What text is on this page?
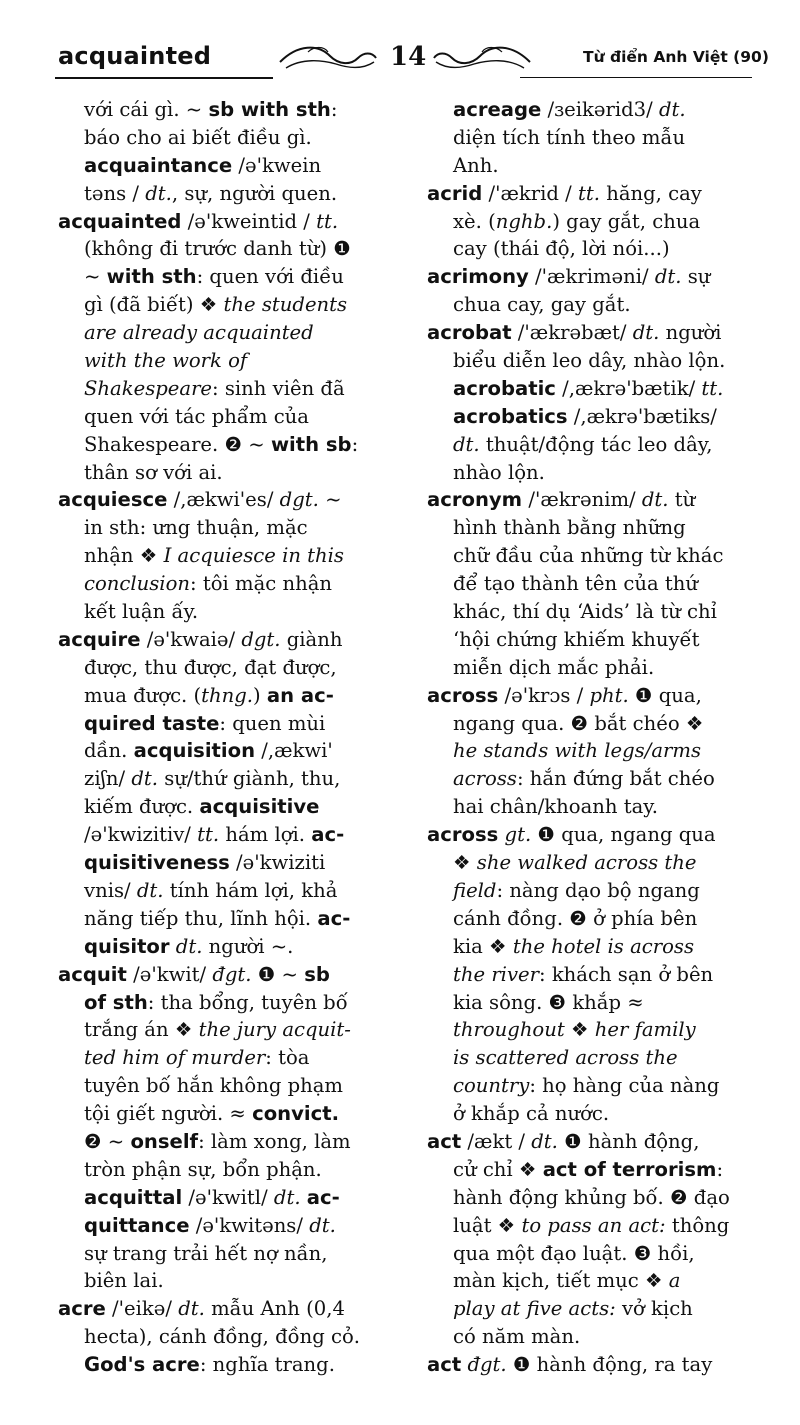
acquainted	14	Từ điển Anh Việt (90)
với cái gì. ~ sb with sth:
báo cho ai biết điều gì.
acquaintance /ə'kwein
təns / dt., sự, người quen.
acquainted /ə'kweintid / tt.
(không đi trước danh từ) ❶
~ with sth: quen với điều
gì (đã biết) ❖ the students
are already acquainted
with the work of
Shakespeare: sinh viên đã
quen với tác phẩm của
Shakespeare. ❷ ~ with sb:
thân sơ với ai.
acquiesce /,ækwi'es/ dgt. ~
in sth: ưng thuận, mặc
nhận ❖ I acquiesce in this
conclusion: tôi mặc nhận
kết luận ấy.
acquire /ə'kwaiə/ dgt. giành
được, thu được, đạt được,
mua được. (thng.) an ac-
quired taste: quen mùi
dần. acquisition /,ækwi'
ziʃn/ dt. sự/thứ giành, thu,
kiếm được. acquisitive
/ə'kwizitiv/ tt. hám lợi. ac-
quisitiveness /ə'kwiziti
vnis/ dt. tính hám lợi, khả
năng tiếp thu, lĩnh hội. ac-
quisitor dt. người ~.
acquit /ə'kwit/ đgt. ❶ ~ sb
of sth: tha bổng, tuyên bố
trắng án ❖ the jury acquit-
ted him of murder: tòa
tuyên bố hắn không phạm
tội giết người. ≈ convict.
❷ ~ onself: làm xong, làm
tròn phận sự, bổn phận.
acquittal /ə'kwitl/ dt. ac-
quittance /ə'kwitəns/ dt.
sự trang trải hết nợ nần,
biên lai.
acre /'eikə/ dt. mẫu Anh (0,4
hecta), cánh đồng, đồng cỏ.
God's acre: nghĩa trang.
acreage /ɜeikərid3/ dt.
diện tích tính theo mẫu
Anh.
acrid /'ækrid / tt. hăng, cay
xè. (nghb.) gay gắt, chua
cay (thái độ, lời nói...)
acrimony /'ækriməni/ dt. sự
chua cay, gay gắt.
acrobat /'ækrəbæt/ dt. người
biểu diễn leo dây, nhào lộn.
acrobatic /,ækrə'bætik/ tt.
acrobatics /,ækrə'bætiks/
dt. thuật/động tác leo dây,
nhào lộn.
acronym /'ækrənim/ dt. từ
hình thành bằng những
chữ đầu của những từ khác
để tạo thành tên của thứ
khác, thí dụ ‘Aids’ là từ chỉ
‘hội chứng khiếm khuyết
miễn dịch mắc phải.
across /ə'krɔs / pht. ❶ qua,
ngang qua. ❷ bắt chéo ❖
he stands with legs/arms
across: hắn đứng bắt chéo
hai chân/khoanh tay.
across gt. ❶ qua, ngang qua
❖ she walked across the
field: nàng dạo bộ ngang
cánh đồng. ❷ ở phía bên
kia ❖ the hotel is across
the river: khách sạn ở bên
kia sông. ❸ khắp ≈
throughout ❖ her family
is scattered across the
country: họ hàng của nàng
ở khắp cả nước.
act /ækt / dt. ❶ hành động,
cử chỉ ❖ act of terrorism:
hành động khủng bố. ❷ đạo
luật ❖ to pass an act: thông
qua một đạo luật. ❸ hồi,
màn kịch, tiết mục ❖ a
play at five acts: vở kịch
có năm màn.
act đgt. ❶ hành động, ra tay
